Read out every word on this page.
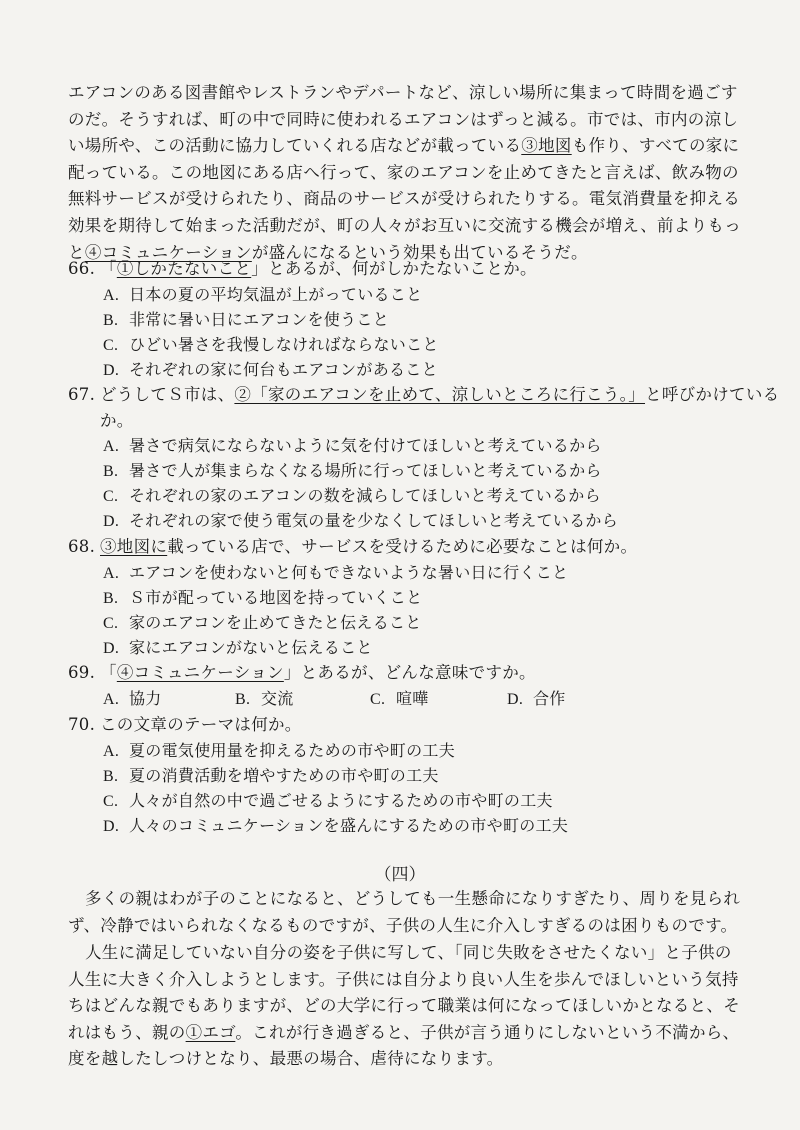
エアコンのある図書館やレストランやデパートなど、涼しい場所に集まって時間を過ごすのだ。そうすれば、町の中で同時に使われるエアコンはずっと減る。市では、市内の涼しい場所や、この活動に協力していくれる店などが載っている③地図も作り、すべての家に配っている。この地図にある店へ行って、家のエアコンを止めてきたと言えば、飲み物の無料サービスが受けられたり、商品のサービスが受けられたりする。電気消費量を抑える効果を期待して始まった活動だが、町の人々がお互いに交流する機会が増え、前よりもっと④コミュニケーションが盛んになるという効果も出ているそうだ。

66. 「①しかたないこと」とあるが、何がしかたないことか。
A. 日本の夏の平均気温が上がっていること
B. 非常に暑い日にエアコンを使うこと
C. ひどい暑さを我慢しなければならないこと
D. それぞれの家に何台もエアコンがあること
67. どうしてＳ市は、②「家のエアコンを止めて、涼しいところに行こう。」と呼びかけているか。
A. 暑さで病気にならないように気を付けてほしいと考えているから
B. 暑さで人が集まらなくなる場所に行ってほしいと考えているから
C. それぞれの家のエアコンの数を減らしてほしいと考えているから
D. それぞれの家で使う電気の量を少なくしてほしいと考えているから
68. ③地図に載っている店で、サービスを受けるために必要なことは何か。
A. エアコンを使わないと何もできないような暑い日に行くこと
B. Ｓ市が配っている地図を持っていくこと
C. 家のエアコンを止めてきたと伝えること
D. 家にエアコンがないと伝えること
69. 「④コミュニケーション」とあるが、どんな意味ですか。
A. 協力	B. 交流	C. 喧嘩	D. 合作
70. この文章のテーマは何か。
A. 夏の電気使用量を抑えるための市や町の工夫
B. 夏の消費活動を増やすための市や町の工夫
C. 人々が自然の中で過ごせるようにするための市や町の工夫
D. 人々のコミュニケーションを盛んにするための市や町の工夫
（四）

多くの親はわが子のことになると、どうしても一生懸命になりすぎたり、周りを見られず、冷静ではいられなくなるものですが、子供の人生に介入しすぎるのは困りものです。

人生に満足していない自分の姿を子供に写して、「同じ失敗をさせたくない」と子供の人生に大きく介入しようとします。子供には自分より良い人生を歩んでほしいという気持ちはどんな親でもありますが、どの大学に行って職業は何になってほしいかとなると、それはもう、親の①エゴ。これが行き過ぎると、子供が言う通りにしないという不満から、度を越したしつけとなり、最悪の場合、虐待になります。
